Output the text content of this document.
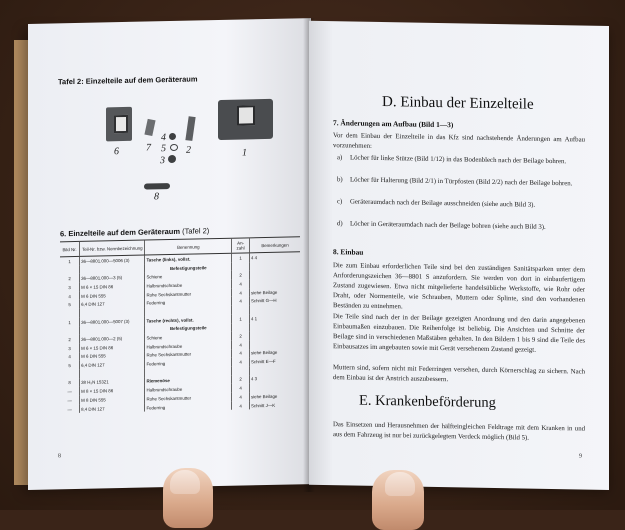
Tafel 2: Einzelteile auf dem Geräteraum
6	7
4
5 2
3
1
8
6. Einzelteile auf dem Geräteraum (Tafel 2)
Bild Nr.	Teil-Nr. bzw. Normbezeichnung	Benennung	An- zahl	Bemerkungen
1	36—8801.000—5006 (3)	Tasche (links), vollst.	1	4 4
		Befestigungsteile		
2	36—8801.000—3 (5)	Schiene	2	
3	M 6 × 15 DIN 86	Halbrundschraube	4	
4	M 6 DIN 555	Rohe Sechskantmutter	4	siehe Beilage
5	6,4 DIN 127	Federring	4	Schnitt G—H

1	36—8801.000—5007 (3)	Tasche (rechts), vollst.	1	4 1
		Befestigungsteile		
2	36—8801.000—2 (5)	Schiene	2	
3	M 6 × 15 DIN 86	Halbrundschraube	4	
4	M 6 DIN 555	Rohe Sechskantmutter	4	siehe Beilage
5	6,4 DIN 127	Federring	4	Schnitt E—F

8	38 H₂N 15321	Riemenöse	2	4 3
—	M 8 × 15 DIN 86	Halbrundschraube	4	
—	M 8 DIN 555	Rohe Sechskantmutter	4	siehe Beilage
—	8,4 DIN 127	Federring	4	Schnitt J—K
8
D. Einbau der Einzelteile
7. Änderungen am Aufbau (Bild 1—3)
Vor dem Einbau der Einzelteile in das Kfz sind nachstehende Änderungen am Aufbau vorzunehmen:
a) Löcher für linke Stütze (Bild 1/12) in das Bodenblech nach der Beilage bohren.
b) Löcher für Halterung (Bild 2/1) in Türpfosten (Bild 2/2) nach der Beilage bohren.
c) Geräteraumdach nach der Beilage ausschneiden (siehe auch Bild 3).
d) Löcher in Geräteraumdach nach der Beilage bohren (siehe auch Bild 3).
8. Einbau
Die zum Einbau erforderlichen Teile sind bei den zuständigen Sanitätsparken unter dem Anforderungszeichen 36—8801 S anzufordern. Sie werden von dort in einbaufertigem Zustand zugewiesen. Etwa nicht mitgelieferte handelsübliche Werkstoffe, wie Rohr oder Draht, oder Normenteile, wie Schrauben, Muttern oder Splinte, sind den vorhandenen Beständen zu entnehmen.
Die Teile sind nach der in der Beilage gezeigten Anordnung und den darin angegebenen Einbaumaßen einzubauen. Die Reihenfolge ist beliebig. Die Ansichten und Schnitte der Beilage sind in verschiedenen Maßstäben gehalten. In den Bildern 1 bis 9 sind die Teile des Einbausatzes im angebauten sowie mit Gerät versehenem Zustand gezeigt.
Muttern sind, sofern nicht mit Federringen versehen, durch Körnerschlag zu sichern. Nach dem Einbau ist der Anstrich auszubessern.
E. Krankenbeförderung
Das Einsetzen und Herausnehmen der hälfteingleichen Feldtrage mit dem Kranken in und aus dem Fahrzeug ist nur bei zurückgelegtem Verdeck möglich (Bild 5).
9
